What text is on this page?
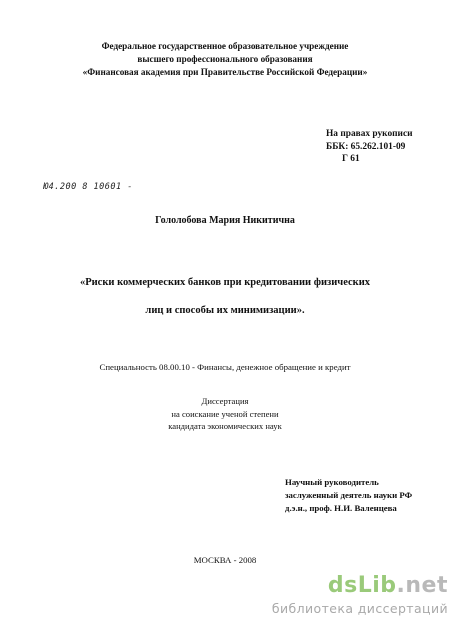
Федеральное государственное образовательное учреждение
высшего профессионального образования
«Финансовая академия при Правительстве Российской Федерации»
На правах рукописи
ББК: 65.262.101-09
Г 61
Ю4.200 8 10601 -
Гололобова Мария Никитична
«Риски коммерческих банков при кредитовании физических
лиц и способы их минимизации».
Специальность 08.00.10 - Финансы, денежное обращение и кредит
Диссертация
на соискание ученой степени
кандидата экономических наук
Научный руководитель
заслуженный деятель науки РФ
д.э.н., проф. Н.И. Валенцева
МОСКВА - 2008
dsLib.net
библиотека диссертаций
